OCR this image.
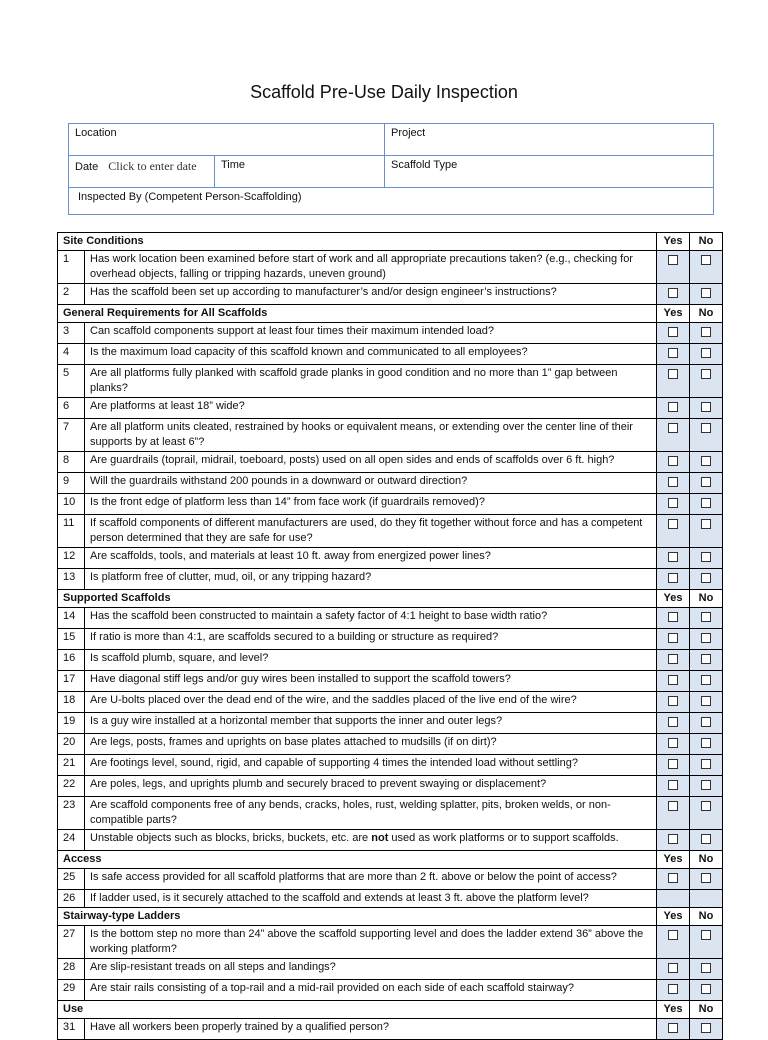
Scaffold Pre-Use Daily Inspection
Location		Project
Date Click to enter date	Time	Scaffold Type
Inspected By (Competent Person-Scaffolding)		
Site Conditions		Yes	No
1	Has work location been examined before start of work and all appropriate precautions taken? (e.g., checking for overhead objects, falling or tripping hazards, uneven ground)		
2	Has the scaffold been set up according to manufacturer’s and/or design engineer’s instructions?		
General Requirements for All Scaffolds		Yes	No
3	Can scaffold components support at least four times their maximum intended load?		
4	Is the maximum load capacity of this scaffold known and communicated to all employees?		
5	Are all platforms fully planked with scaffold grade planks in good condition and no more than 1” gap between planks?		
6	Are platforms at least 18” wide?		
7	Are all platform units cleated, restrained by hooks or equivalent means, or extending over the center line of their supports by at least 6”?		
8	Are guardrails (toprail, midrail, toeboard, posts) used on all open sides and ends of scaffolds over 6 ft. high?		
9	Will the guardrails withstand 200 pounds in a downward or outward direction?		
10	Is the front edge of platform less than 14” from face work (if guardrails removed)?		
11	If scaffold components of different manufacturers are used, do they fit together without force and has a competent person determined that they are safe for use?		
12	Are scaffolds, tools, and materials at least 10 ft. away from energized power lines?		
13	Is platform free of clutter, mud, oil, or any tripping hazard?		
Supported Scaffolds		Yes	No
14	Has the scaffold been constructed to maintain a safety factor of 4:1 height to base width ratio?		
15	If ratio is more than 4:1, are scaffolds secured to a building or structure as required?		
16	Is scaffold plumb, square, and level?		
17	Have diagonal stiff legs and/or guy wires been installed to support the scaffold towers?		
18	Are U-bolts placed over the dead end of the wire, and the saddles placed of the live end of the wire?		
19	Is a guy wire installed at a horizontal member that supports the inner and outer legs?		
20	Are legs, posts, frames and uprights on base plates attached to mudsills (if on dirt)?		
21	Are footings level, sound, rigid, and capable of supporting 4 times the intended load without settling?		
22	Are poles, legs, and uprights plumb and securely braced to prevent swaying or displacement?		
23	Are scaffold components free of any bends, cracks, holes, rust, welding splatter, pits, broken welds, or non-compatible parts?		
24	Unstable objects such as blocks, bricks, buckets, etc. are not used as work platforms or to support scaffolds.		
Access		Yes	No
25	Is safe access provided for all scaffold platforms that are more than 2 ft. above or below the point of access?		
26	If ladder used, is it securely attached to the scaffold and extends at least 3 ft. above the platform level?		
Stairway-type Ladders		Yes	No
27	Is the bottom step no more than 24” above the scaffold supporting level and does the ladder extend 36” above the working platform?		
28	Are slip-resistant treads on all steps and landings?		
29	Are stair rails consisting of a top-rail and a mid-rail provided on each side of each scaffold stairway?		
Use		Yes	No
31	Have all workers been properly trained by a qualified person?		
